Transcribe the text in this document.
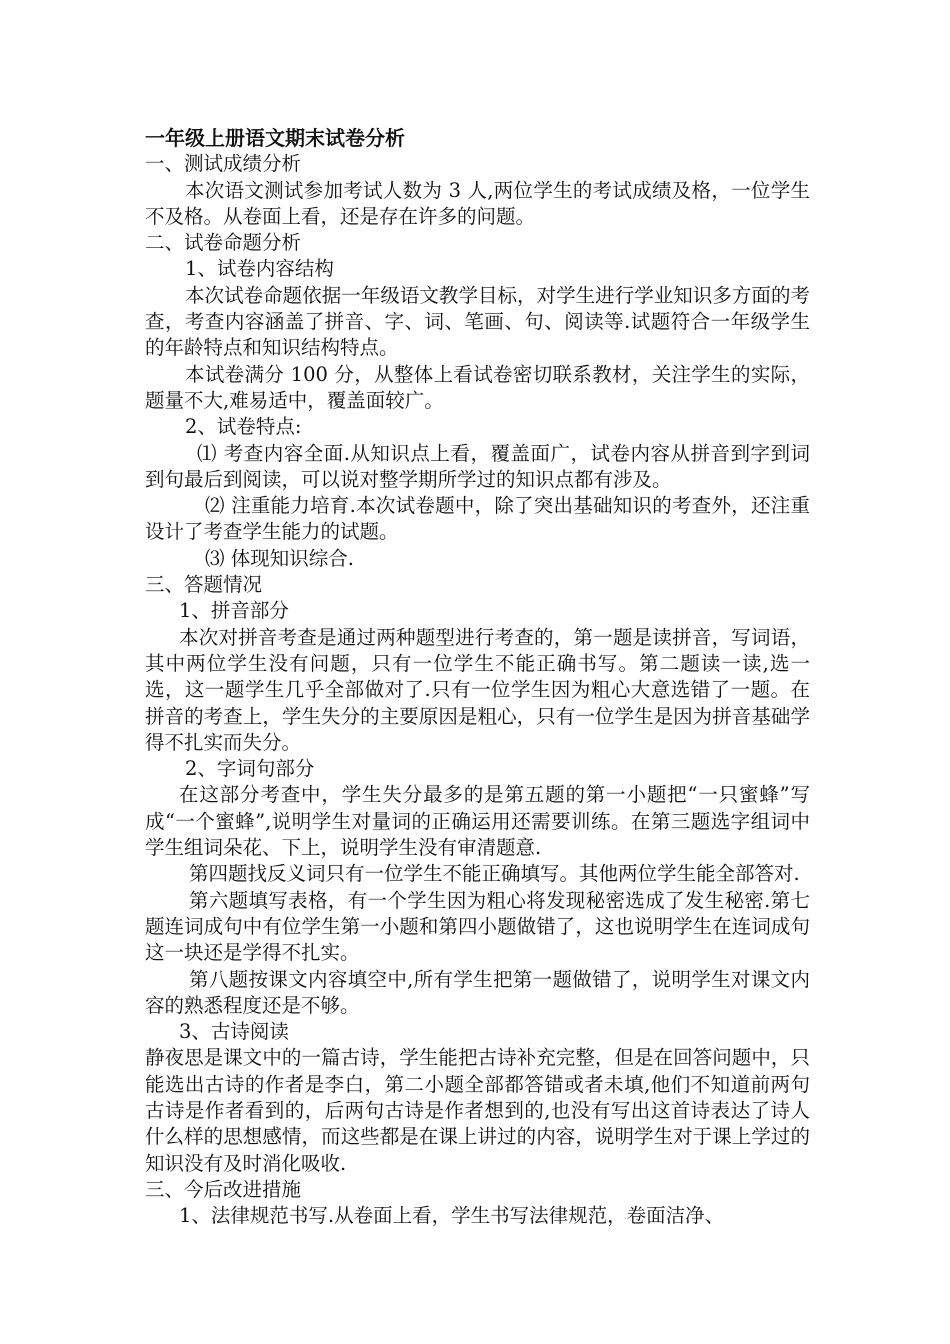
一年级上册语文期末试卷分析

一、测试成绩分析

本次语文测试参加考试人数为 3 人,两位学生的考试成绩及格，一位学生不及格。从卷面上看，还是存在许多的问题。

二、试卷命题分析

1、试卷内容结构

本次试卷命题依据一年级语文教学目标，对学生进行学业知识多方面的考查，考查内容涵盖了拼音、字、词、笔画、句、阅读等.试题符合一年级学生的年龄特点和知识结构特点。

本试卷满分 100 分，从整体上看试卷密切联系教材，关注学生的实际，题量不大,难易适中，覆盖面较广。

2、试卷特点:

⑴ 考查内容全面.从知识点上看，覆盖面广，试卷内容从拼音到字到词到句最后到阅读，可以说对整学期所学过的知识点都有涉及。

⑵ 注重能力培育.本次试卷题中，除了突出基础知识的考查外，还注重设计了考查学生能力的试题。

⑶ 体现知识综合.

三、答题情况

1、拼音部分

本次对拼音考查是通过两种题型进行考查的，第一题是读拼音，写词语，其中两位学生没有问题，只有一位学生不能正确书写。第二题读一读,选一选，这一题学生几乎全部做对了.只有一位学生因为粗心大意选错了一题。在拼音的考查上，学生失分的主要原因是粗心，只有一位学生是因为拼音基础学得不扎实而失分。

2、字词句部分

在这部分考查中，学生失分最多的是第五题的第一小题把“一只蜜蜂”写成“一个蜜蜂”,说明学生对量词的正确运用还需要训练。在第三题选字组词中学生组词朵花、下上，说明学生没有审清题意.

第四题找反义词只有一位学生不能正确填写。其他两位学生能全部答对.

第六题填写表格，有一个学生因为粗心将发现秘密选成了发生秘密.第七题连词成句中有位学生第一小题和第四小题做错了，这也说明学生在连词成句这一块还是学得不扎实。

第八题按课文内容填空中,所有学生把第一题做错了，说明学生对课文内容的熟悉程度还是不够。

3、古诗阅读

静夜思是课文中的一篇古诗，学生能把古诗补充完整，但是在回答问题中，只能选出古诗的作者是李白，第二小题全部都答错或者未填,他们不知道前两句古诗是作者看到的，后两句古诗是作者想到的,也没有写出这首诗表达了诗人什么样的思想感情，而这些都是在课上讲过的内容，说明学生对于课上学过的知识没有及时消化吸收.

三、今后改进措施

1、法律规范书写.从卷面上看，学生书写法律规范，卷面洁净、
